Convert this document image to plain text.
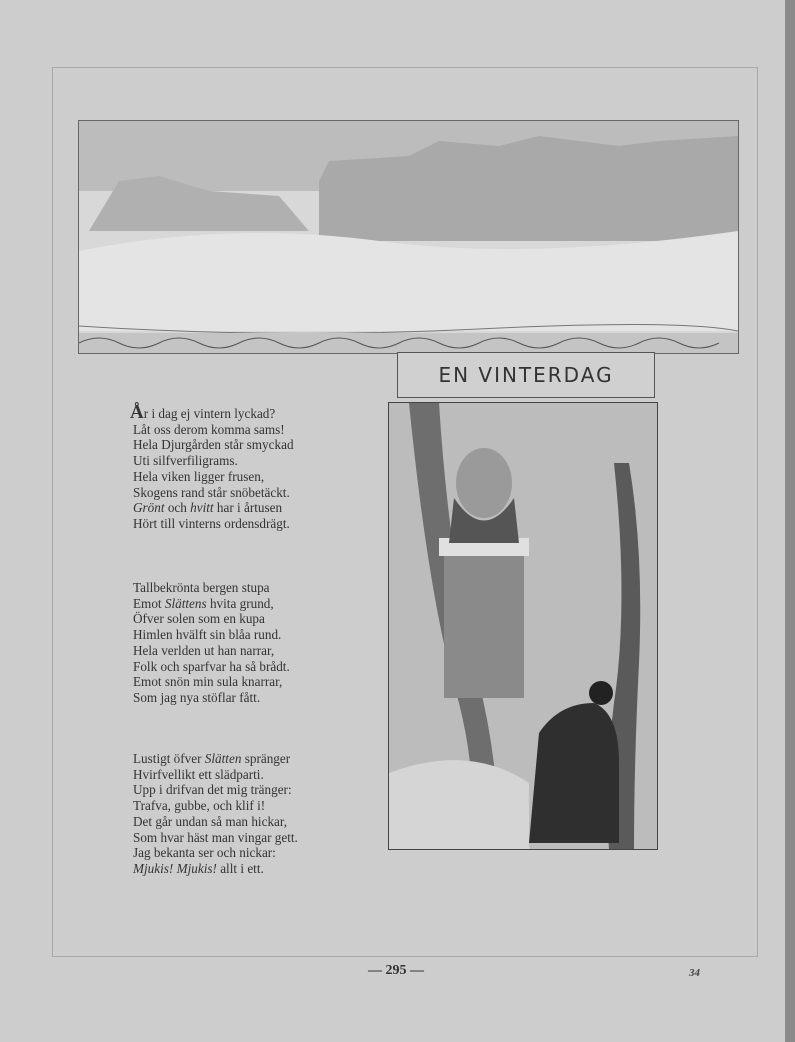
EN VINTERDAG
År i dag ej vintern lyckad?
Låt oss derom komma sams!
Hela Djurgården står smyckad
Uti silfverfiligrams.
Hela viken ligger frusen,
Skogens rand står snöbetäckt.
Grönt och hvitt har i årtusen
Hört till vinterns ordensdrägt.
Tallbekrönta bergen stupa
Emot Slättens hvita grund,
Öfver solen som en kupa
Himlen hvälft sin blåa rund.
Hela verlden ut han narrar,
Folk och sparfvar ha så brådt.
Emot snön min sula knarrar,
Som jag nya stöflar fått.
Lustigt öfver Slätten spränger
Hvirfvellikt ett slädparti.
Upp i drifvan det mig tränger:
Trafva, gubbe, och klif i!
Det går undan så man hickar,
Som hvar häst man vingar gett.
Jag bekanta ser och nickar:
Mjukis! Mjukis! allt i ett.
— 295 —	34
